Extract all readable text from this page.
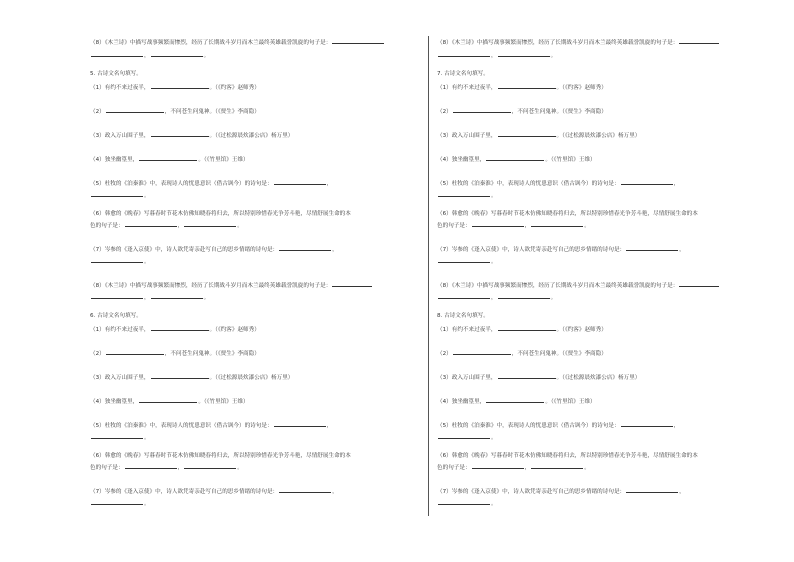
（8）《木兰诗》中描写战事频繁而惨烈，经历了长期战斗岁月而木兰最终英雄载誉凯旋的句子是：
，	。
5. 古诗文名句填写。
（1）有约不来过夜半，	。（《约客》赵师秀）
（2）	，不问苍生问鬼神。（《贾生》李商隐）
（3）政入万山围子里，	。（《过松源晨炊漆公店》杨万里）
（4）独坐幽篁里，	。（《竹里馆》王维）
（5）杜牧的《泊秦淮》中，表现诗人的忧患意识（借古讽今）的诗句是：	，
。
（6）韩愈的《晚春》写暮春时节花木仿佛知晓春将归去，所以特别珍惜春光争芳斗艳，尽情舒展生命的本
色的句子是：	，	。
（7）岑参的《逢入京使》中，诗人欲凭寄亲赴写自己的思乡情绪的诗句是：	，
。
（8）《木兰诗》中描写战事频繁而惨烈，经历了长期战斗岁月而木兰最终英雄载誉凯旋的句子是：
，	。
6. 古诗文名句填写。
（1）有约不来过夜半，	。（《约客》赵师秀）
（2）	，不问苍生问鬼神。（《贾生》李商隐）
（3）政入万山围子里，	。（《过松源晨炊漆公店》杨万里）
（4）独坐幽篁里，	。（《竹里馆》王维）
（5）杜牧的《泊秦淮》中，表现诗人的忧患意识（借古讽今）的诗句是：	，
。
（6）韩愈的《晚春》写暮春时节花木仿佛知晓春将归去，所以特别珍惜春光争芳斗艳，尽情舒展生命的本
色的句子是：	，	。
（7）岑参的《逢入京使》中，诗人欲凭寄亲赴写自己的思乡情绪的诗句是：	，
。
（8）《木兰诗》中描写战事频繁而惨烈，经历了长期战斗岁月而木兰最终英雄载誉凯旋的句子是：
，	。
7. 古诗文名句填写。
（1）有约不来过夜半，	。（《约客》赵师秀）
（2）	，不问苍生问鬼神。（《贾生》李商隐）
（3）政入万山围子里，	。（《过松源晨炊漆公店》杨万里）
（4）独坐幽篁里，	。（《竹里馆》王维）
（5）杜牧的《泊秦淮》中，表现诗人的忧患意识（借古讽今）的诗句是：	，
。
（6）韩愈的《晚春》写暮春时节花木仿佛知晓春将归去，所以特别珍惜春光争芳斗艳，尽情舒展生命的本
色的句子是：	，	。
（7）岑参的《逢入京使》中，诗人欲凭寄亲赴写自己的思乡情绪的诗句是：	，
。
（8）《木兰诗》中描写战事频繁而惨烈，经历了长期战斗岁月而木兰最终英雄载誉凯旋的句子是：
，	。
8. 古诗文名句填写。
（1）有约不来过夜半，	。（《约客》赵师秀）
（2）	，不问苍生问鬼神。（《贾生》李商隐）
（3）政入万山围子里，	。（《过松源晨炊漆公店》杨万里）
（4）独坐幽篁里，	。（《竹里馆》王维）
（5）杜牧的《泊秦淮》中，表现诗人的忧患意识（借古讽今）的诗句是：	，
。
（6）韩愈的《晚春》写暮春时节花木仿佛知晓春将归去，所以特别珍惜春光争芳斗艳，尽情舒展生命的本
色的句子是：	，	。
（7）岑参的《逢入京使》中，诗人欲凭寄亲赴写自己的思乡情绪的诗句是：	，
。
